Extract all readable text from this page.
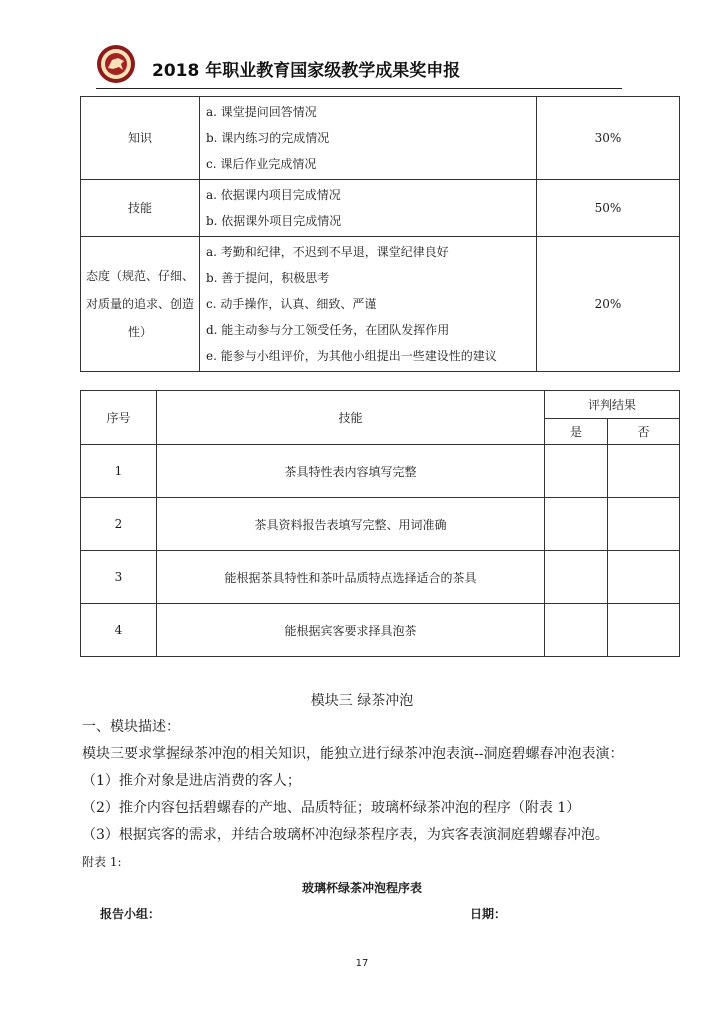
2018 年职业教育国家级教学成果奖申报
知识	a. 课堂提问回答情况
b. 课内练习的完成情况
c. 课后作业完成情况	30%
技能	a. 依据课内项目完成情况
b. 依据课外项目完成情况	50%
态度（规范、仔细、对质量的追求、创造性）	a. 考勤和纪律，不迟到不早退，课堂纪律良好
b. 善于提问，积极思考
c. 动手操作，认真、细致、严谨
d. 能主动参与分工领受任务，在团队发挥作用
e. 能参与小组评价，为其他小组提出一些建设性的建议	20%
序号	技能	评判结果	
		是	否
1	茶具特性表内容填写完整		
2	茶具资料报告表填写完整、用词准确		
3	能根据茶具特性和茶叶品质特点选择适合的茶具		
4	能根据宾客要求择具泡茶		
模块三 绿茶冲泡
一、模块描述：
模块三要求掌握绿茶冲泡的相关知识，能独立进行绿茶冲泡表演--洞庭碧螺春冲泡表演：
（1）推介对象是进店消费的客人；
（2）推介内容包括碧螺春的产地、品质特征；玻璃杯绿茶冲泡的程序（附表 1）
（3）根据宾客的需求，并结合玻璃杯冲泡绿茶程序表，为宾客表演洞庭碧螺春冲泡。
附表 1:
玻璃杯绿茶冲泡程序表
报告小组：	日期：
17
